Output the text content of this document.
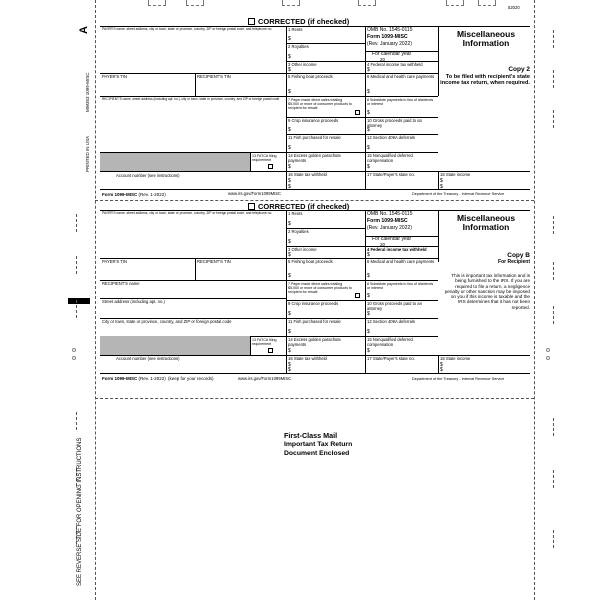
52020
A
MW353 1099-MISC
PRINTED IN USA
SEE REVERSE SIDE FOR OPENING INSTRUCTIONS
CORRECTED (if checked)
PAYER'S name, street address, city or town, state or province, country, ZIP or foreign postal code, and telephone no.
PAYER'S TIN	RECIPIENT'S TIN
RECIPIENT'S name, street address (including apt. no.), city or town, state or province, country, and ZIP or foreign postal code
Account number (see instructions)
13 FATCA filing requirement
1 Rents
$
2 Royalties
$
3 Other income	4 Federal income tax withheld
$	$
5 Fishing boat proceeds	6 Medical and health care payments
$	$
7 Payer made direct sales totaling $5,000 or more of consumer products to recipient for resale
8 Substitute payments in lieu of dividends or interest
$
9 Crop insurance proceeds
$
10 Gross proceeds paid to an attorney
$
11 Fish purchased for resale
$
12 Section 409A deferrals
$
14 Excess golden parachute payments
$
15 Nonqualified deferred compensation
$
16 State tax withheld
$
$
17 State/Payer's state no.	18 State income
$
$
OMB No. 1545-0115
Form 1099-MISC
(Rev. January 2022)
For calendar year
20
Miscellaneous Information
Copy 2
To be filed with recipient's state income tax return, when required.
Form 1099-MISC (Rev. 1-2022)	www.irs.gov/Form1099MISC	Department of the Treasury - Internal Revenue Service
CORRECTED (if checked)
PAYER'S name, street address, city or town, state or province, country, ZIP or foreign postal code, and telephone no.
PAYER'S TIN	RECIPIENT'S TIN
RECIPIENT'S name
Street address (including apt. no.)
City or town, state or province, country, and ZIP or foreign postal code
Account number (see instructions)
13 FATCA filing requirement
1 Rents
$
2 Royalties
$
3 Other income	4 Federal income tax withheld
$	$
5 Fishing boat proceeds	6 Medical and health care payments
$	$
7 Payer made direct sales totaling $5,000 or more of consumer products to recipient for resale
8 Substitute payments in lieu of dividends or interest
$
9 Crop insurance proceeds
$
10 Gross proceeds paid to an attorney
$
11 Fish purchased for resale
$
12 Section 409A deferrals
$
14 Excess golden parachute payments
$
15 Nonqualified deferred compensation
$
16 State tax withheld
$
$
17 State/Payer's state no.	18 State income
$
$
OMB No. 1545-0115
Form 1099-MISC
(Rev. January 2022)
For calendar year
20
Miscellaneous Information
Copy B
For Recipient
This is important tax information and is being furnished to the IRS. If you are required to file a return, a negligence penalty or other sanction may be imposed on you if this income is taxable and the IRS determines that it has not been reported.
Form 1099-MISC (Rev. 1-2022) (keep for your records)	www.irs.gov/Form1099MISC	Department of the Treasury - Internal Revenue Service
First-Class Mail
Important Tax Return
Document Enclosed
